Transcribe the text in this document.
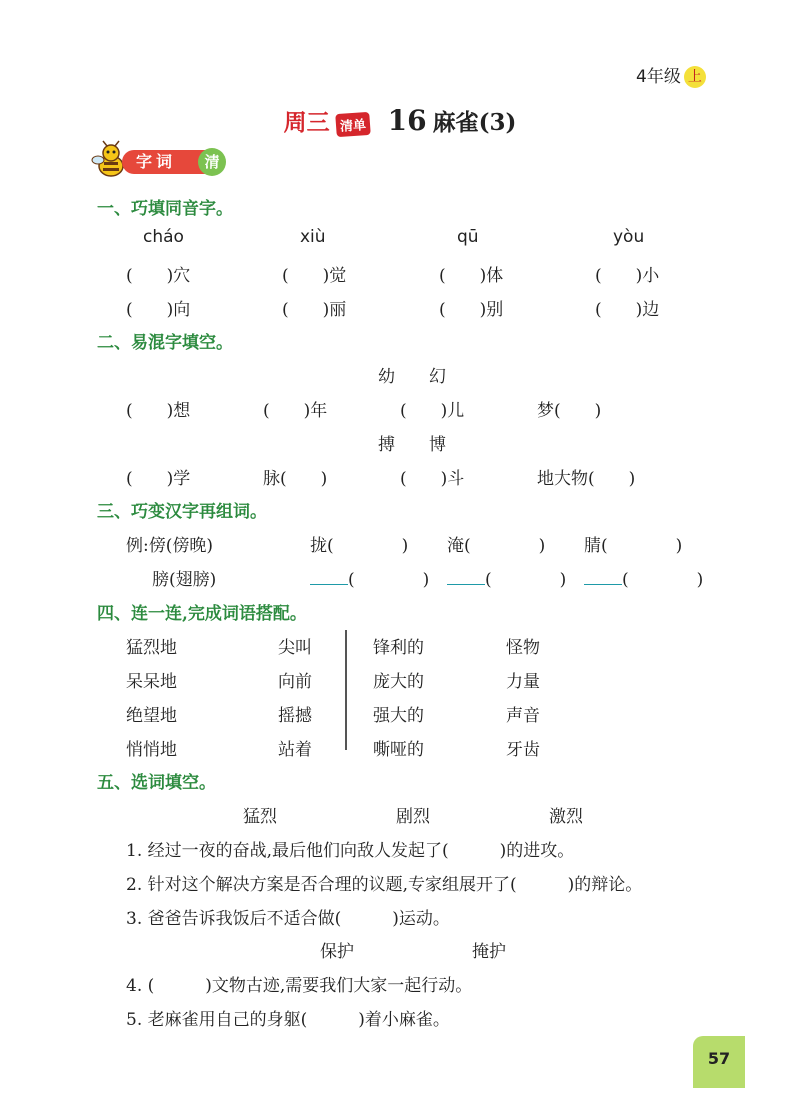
4年级 上
周三 清单 16 麻雀(3)
字词	清
一、巧填同音字。
cháo	xiù	qū	yòu
(　　)穴	(　　)觉	(　　)体	(　　)小
(　　)向	(　　)丽	(　　)别	(　　)边
二、易混字填空。
幼　　幻
(　　)想	(　　)年	(　　)儿	梦(　　)
搏　　博
(　　)学	脉(　　)	(　　)斗	地大物(　　)
三、巧变汉字再组词。
例:傍(傍晚)	拢(　　　　) 淹(　　　　) 腈(　　　　)
膀(翅膀)	(　　　　)	(　　　　)	(　　　　)
四、连一连,完成词语搭配。
猛烈地	尖叫	锋利的	怪物
呆呆地	向前	庞大的	力量
绝望地	摇撼	强大的	声音
悄悄地	站着	嘶哑的	牙齿
五、选词填空。
猛烈	剧烈	激烈
1. 经过一夜的奋战,最后他们向敌人发起了(　　　)的进攻。
2. 针对这个解决方案是否合理的议题,专家组展开了(　　　)的辩论。
3. 爸爸告诉我饭后不适合做(　　　)运动。
保护	掩护
4. (　　　)文物古迹,需要我们大家一起行动。
5. 老麻雀用自己的身躯(　　　)着小麻雀。
57
